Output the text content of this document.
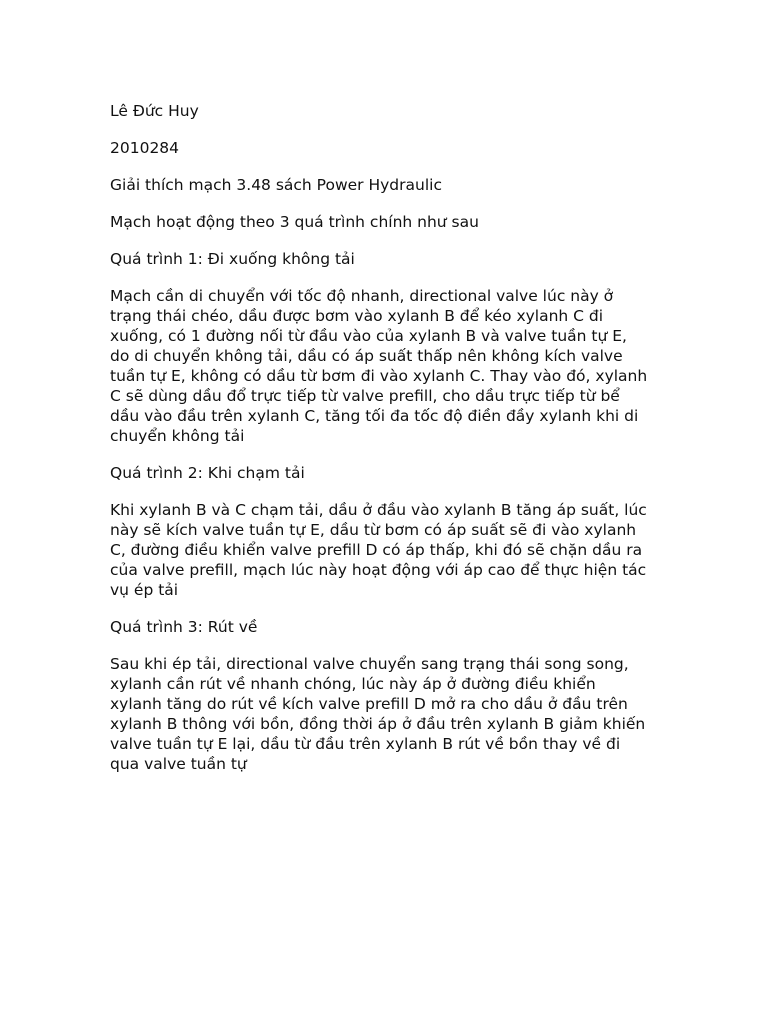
Lê Đức Huy

2010284

Giải thích mạch 3.48 sách Power Hydraulic

Mạch hoạt động theo 3 quá trình chính như sau

Quá trình 1: Đi xuống không tải

Mạch cần di chuyển với tốc độ nhanh, directional valve lúc này ở
trạng thái chéo, dầu được bơm vào xylanh B để kéo xylanh C đi
xuống, có 1 đường nối từ đầu vào của xylanh B và valve tuần tự E,
do di chuyển không tải, dầu có áp suất thấp nên không kích valve
tuần tự E, không có dầu từ bơm đi vào xylanh C. Thay vào đó, xylanh
C sẽ dùng dầu đổ trực tiếp từ valve prefill, cho dầu trực tiếp từ bể
dầu vào đầu trên xylanh C, tăng tối đa tốc độ điền đầy xylanh khi di
chuyển không tải

Quá trình 2: Khi chạm tải

Khi xylanh B và C chạm tải, dầu ở đầu vào xylanh B tăng áp suất, lúc
này sẽ kích valve tuần tự E, dầu từ bơm có áp suất sẽ đi vào xylanh
C, đường điều khiển valve prefill D có áp thấp, khi đó sẽ chặn dầu ra
của valve prefill, mạch lúc này hoạt động với áp cao để thực hiện tác
vụ ép tải

Quá trình 3: Rút về

Sau khi ép tải, directional valve chuyển sang trạng thái song song,
xylanh cần rút về nhanh chóng, lúc này áp ở đường điều khiển
xylanh tăng do rút về kích valve prefill D mở ra cho dầu ở đầu trên
xylanh B thông với bồn, đồng thời áp ở đầu trên xylanh B giảm khiến
valve tuần tự E lại, dầu từ đầu trên xylanh B rút về bồn thay về đi
qua valve tuần tự
